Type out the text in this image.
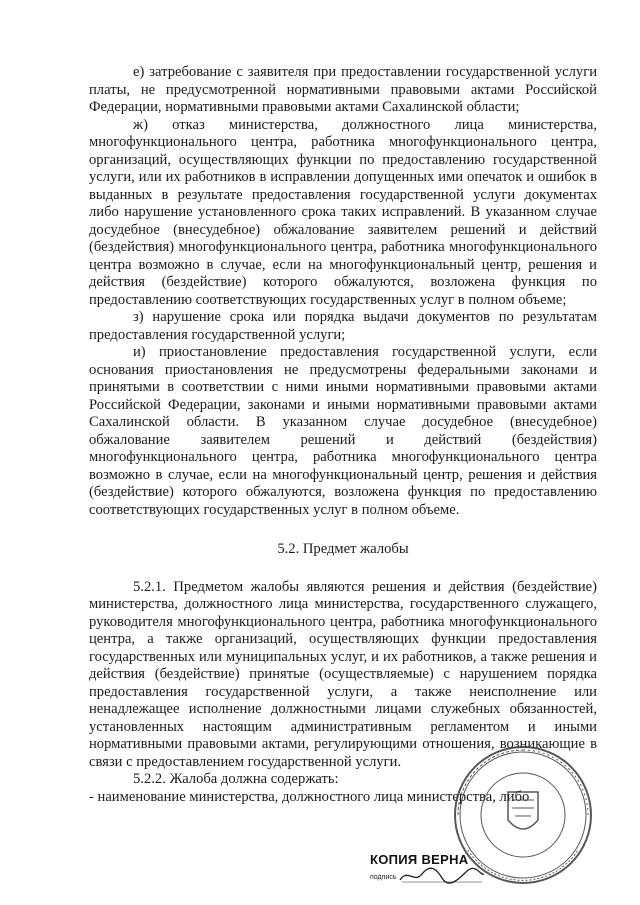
е) затребование с заявителя при предоставлении государственной услуги платы, не предусмотренной нормативными правовыми актами Российской Федерации, нормативными правовыми актами Сахалинской области;

ж) отказ министерства, должностного лица министерства, многофункционального центра, работника многофункционального центра, организаций, осуществляющих функции по предоставлению государственной услуги, или их работников в исправлении допущенных ими опечаток и ошибок в выданных в результате предоставления государственной услуги документах либо нарушение установленного срока таких исправлений. В указанном случае досудебное (внесудебное) обжалование заявителем решений и действий (бездействия) многофункционального центра, работника многофункционального центра возможно в случае, если на многофункциональный центр, решения и действия (бездействие) которого обжалуются, возложена функция по предоставлению соответствующих государственных услуг в полном объеме;

з) нарушение срока или порядка выдачи документов по результатам предоставления государственной услуги;

и) приостановление предоставления государственной услуги, если основания приостановления не предусмотрены федеральными законами и принятыми в соответствии с ними иными нормативными правовыми актами Российской Федерации, законами и иными нормативными правовыми актами Сахалинской области. В указанном случае досудебное (внесудебное) обжалование заявителем решений и действий (бездействия) многофункционального центра, работника многофункционального центра возможно в случае, если на многофункциональный центр, решения и действия (бездействие) которого обжалуются, возложена функция по предоставлению соответствующих государственных услуг в полном объеме.

5.2. Предмет жалобы

5.2.1. Предметом жалобы являются решения и действия (бездействие) министерства, должностного лица министерства, государственного служащего, руководителя многофункционального центра, работника многофункционального центра, а также организаций, осуществляющих функции предоставления государственных или муниципальных услуг, и их работников, а также решения и действия (бездействие) принятые (осуществляемые) с нарушением порядка предоставления государственной услуги, а также неисполнение или ненадлежащее исполнение должностными лицами служебных обязанностей, установленных настоящим административным регламентом и иными нормативными правовыми актами, регулирующими отношения, возникающие в связи с предоставлением государственной услуги.

5.2.2. Жалоба должна содержать:

- наименование министерства, должностного лица министерства, либо

КОПИЯ ВЕРНА
подпись
